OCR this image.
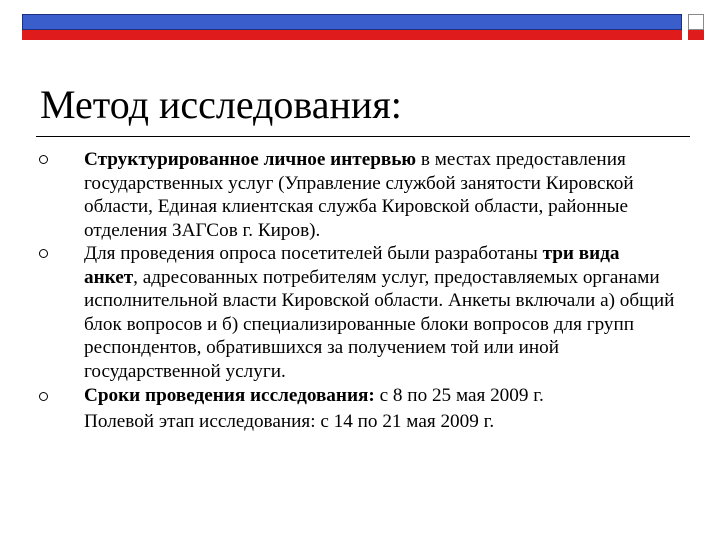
Метод исследования:
Структурированное личное интервью в местах предоставления государственных услуг (Управление службой занятости Кировской области, Единая клиентская служба Кировской области, районные отделения ЗАГСов г. Киров).
Для проведения опроса посетителей были разработаны три вида анкет, адресованных потребителям услуг, предоставляемых органами исполнительной власти Кировской области. Анкеты включали а) общий блок вопросов и б) специализированные блоки вопросов для групп респондентов, обратившихся за получением той или иной государственной услуги.
Сроки проведения исследования: с 8 по 25 мая 2009 г.
Полевой этап исследования: с 14 по 21 мая 2009 г.
